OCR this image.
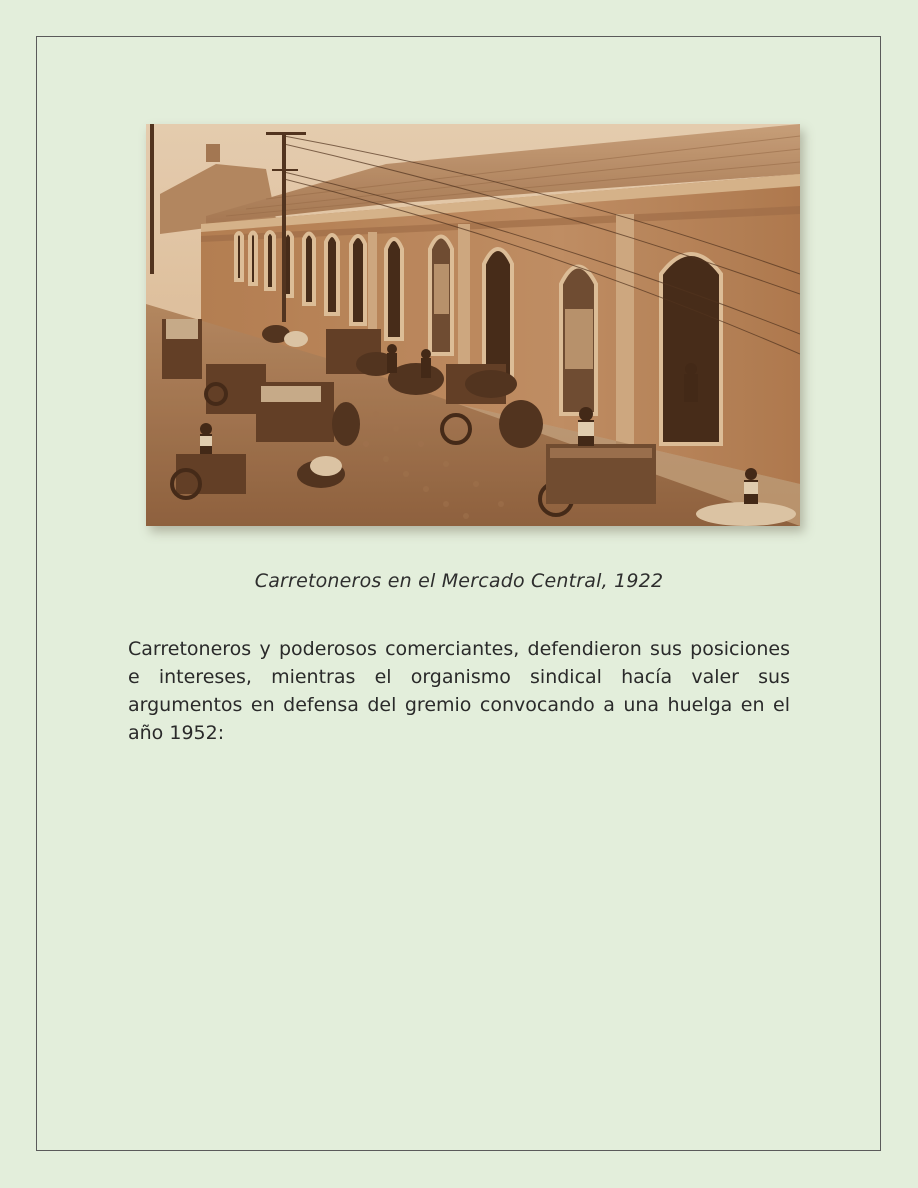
Carretoneros en el Mercado Central, 1922

Carretoneros y poderosos comerciantes, defendieron sus posiciones e intereses, mientras el organismo sindical hacía valer sus argumentos en defensa del gremio convocando a una huelga en el año 1952:
